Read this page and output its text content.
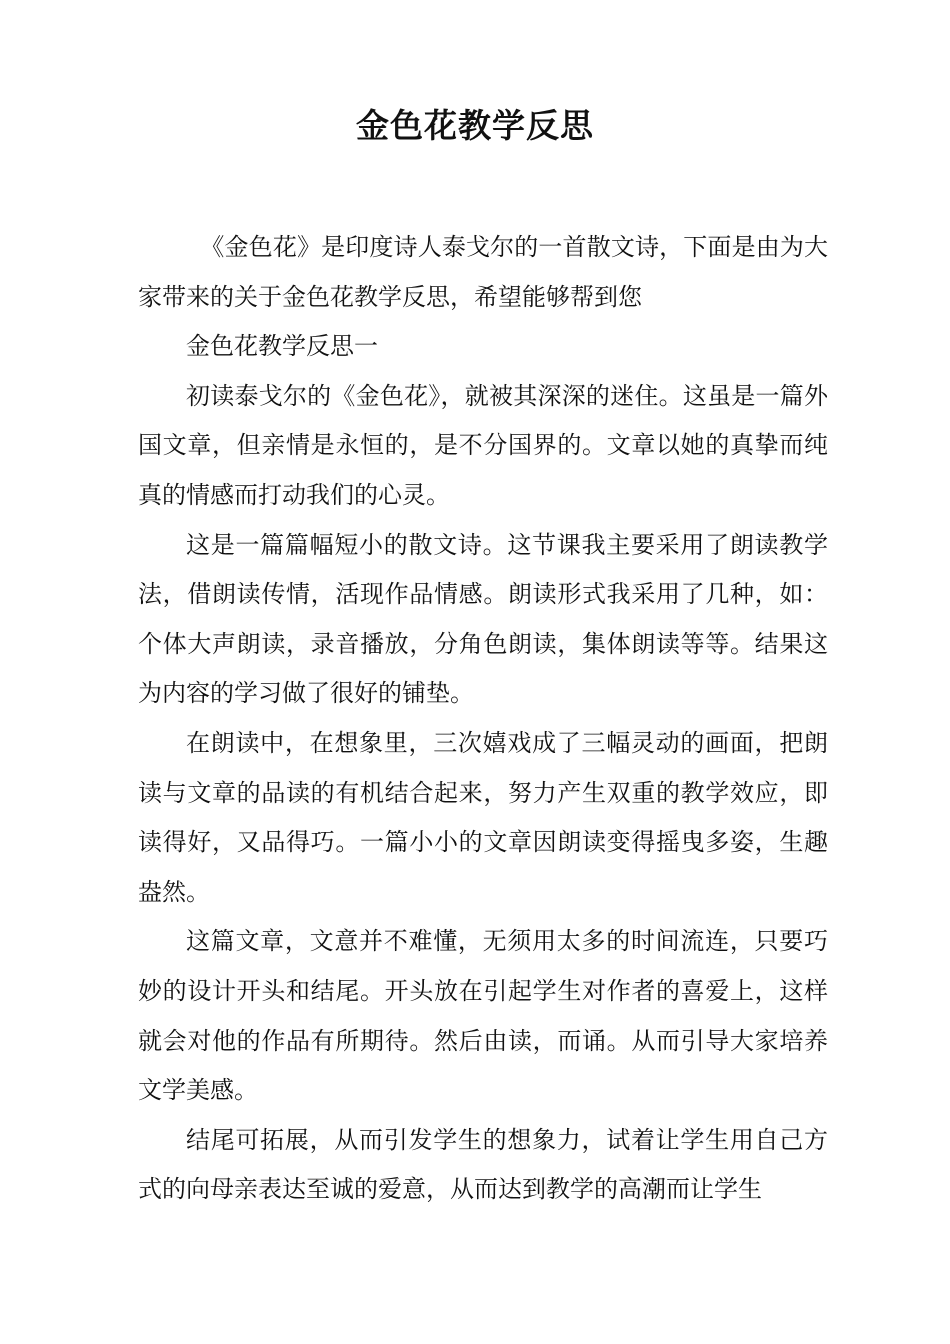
金色花教学反思

《金色花》是印度诗人泰戈尔的一首散文诗，下面是由为大家带来的关于金色花教学反思，希望能够帮到您

金色花教学反思一

初读泰戈尔的《金色花》，就被其深深的迷住。这虽是一篇外国文章，但亲情是永恒的，是不分国界的。文章以她的真挚而纯真的情感而打动我们的心灵。

这是一篇篇幅短小的散文诗。这节课我主要采用了朗读教学法，借朗读传情，活现作品情感。朗读形式我采用了几种，如：个体大声朗读，录音播放，分角色朗读，集体朗读等等。结果这为内容的学习做了很好的铺垫。

在朗读中，在想象里，三次嬉戏成了三幅灵动的画面，把朗读与文章的品读的有机结合起来，努力产生双重的教学效应，即读得好，又品得巧。一篇小小的文章因朗读变得摇曳多姿，生趣盎然。

这篇文章，文意并不难懂，无须用太多的时间流连，只要巧妙的设计开头和结尾。开头放在引起学生对作者的喜爱上，这样就会对他的作品有所期待。然后由读，而诵。从而引导大家培养文学美感。

结尾可拓展，从而引发学生的想象力，试着让学生用自己方式的向母亲表达至诚的爱意，从而达到教学的高潮而让学生
